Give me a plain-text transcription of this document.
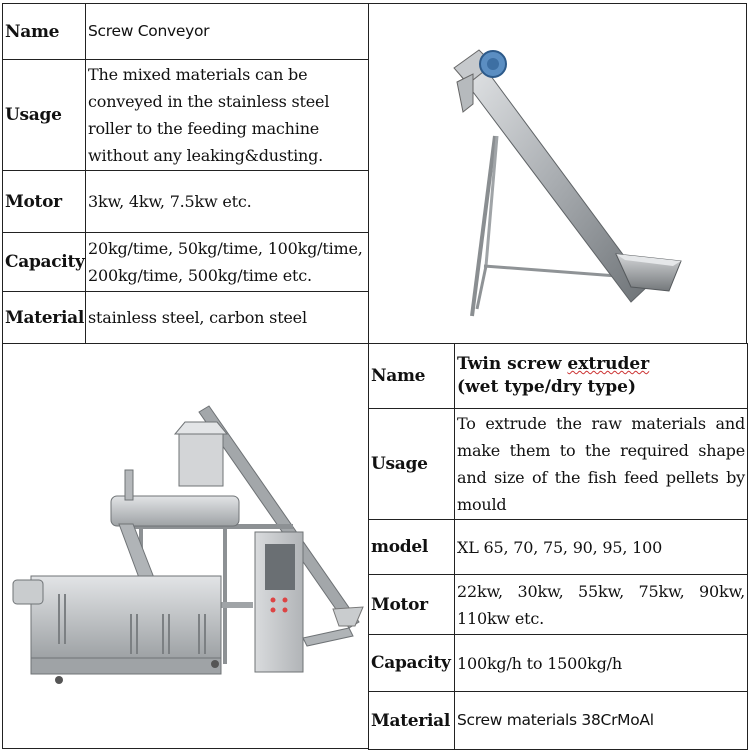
Name	Screw Conveyor
Usage	The mixed materials can be conveyed in the stainless steel roller to the feeding machine without any leaking&dusting.
Motor	3kw, 4kw, 7.5kw etc.
Capacity	20kg/time, 50kg/time, 100kg/time, 200kg/time, 500kg/time etc.
Material	stainless steel, carbon steel
Name	Twin screw extruder
(wet type/dry type)
Usage	To extrude the raw materials and make them to the required shape and size of the fish feed pellets by mould
model	XL 65, 70, 75, 90, 95, 100
Motor	22kw, 30kw, 55kw, 75kw, 90kw, 110kw etc.
Capacity	100kg/h to 1500kg/h
Material	Screw materials 38CrMoAl
